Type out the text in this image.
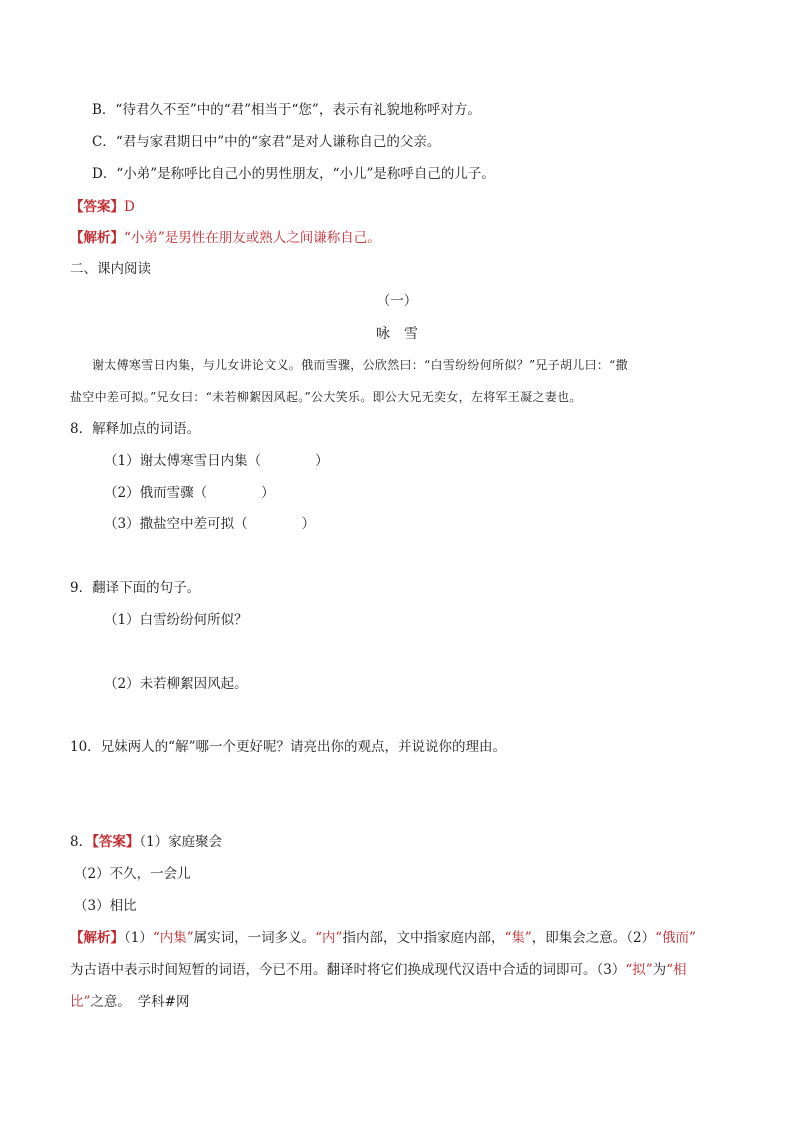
B．“待君久不至”中的“君”相当于“您”，表示有礼貌地称呼对方。
C．“君与家君期日中”中的“家君”是对人谦称自己的父亲。
D．“小弟”是称呼比自己小的男性朋友，“小儿”是称呼自己的儿子。
【答案】D
【解析】“小弟”是男性在朋友或熟人之间谦称自己。
二、课内阅读
（一）
咏　雪
谢太傅寒雪日内集，与儿女讲论文义。俄而雪骤，公欣然曰：“白雪纷纷何所似？”兄子胡儿曰：“撒
盐空中差可拟。”兄女曰：“未若柳絮因风起。”公大笑乐。即公大兄无奕女，左将军王凝之妻也。
8．解释加点的词语。
（1）谢太傅寒雪日内集（　　　　）
（2）俄而雪骤（　　　　）
（3）撒盐空中差可拟（　　　　）
9．翻译下面的句子。
（1）白雪纷纷何所似？
（2）未若柳絮因风起。
10．兄妹两人的“解”哪一个更好呢？请亮出你的观点，并说说你的理由。
8．【答案】（1）家庭聚会
（2）不久，一会儿
（3）相比
【解析】（1）“内集”属实词，一词多义。“内”指内部，文中指家庭内部，“集”，即集会之意。（2）“俄而”
为古语中表示时间短暂的词语，今已不用。翻译时将它们换成现代汉语中合适的词即可。（3）“拟”为“相
比”之意。　学科#网
